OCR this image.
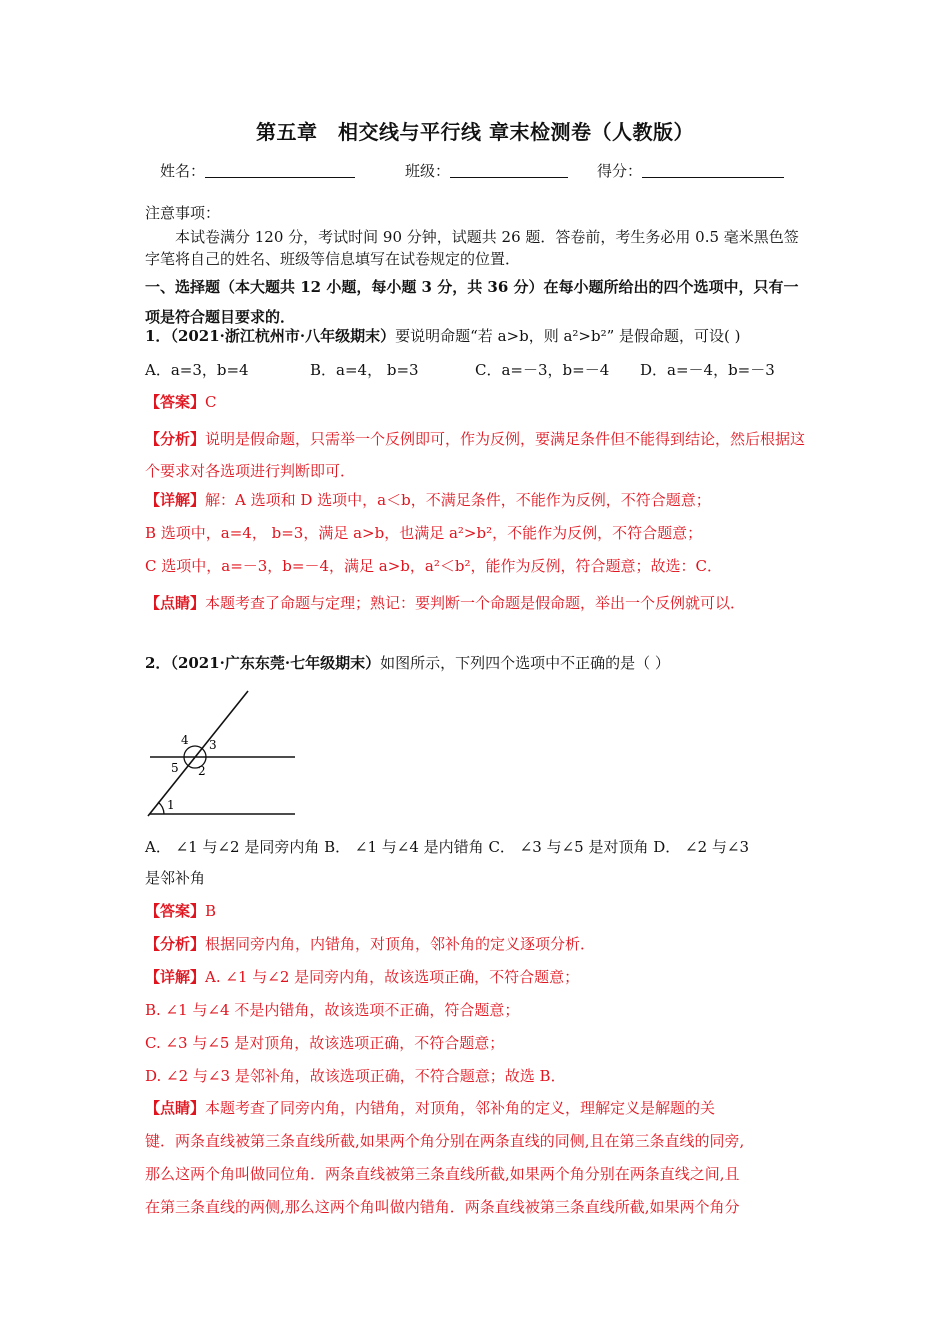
第五章　相交线与平行线 章末检测卷（人教版）
姓名：	班级：	得分：
注意事项：
本试卷满分 120 分，考试时间 90 分钟，试题共 26 题．答卷前，考生务必用 0.5 毫米黑色签字笔将自己的姓名、班级等信息填写在试卷规定的位置．
一、选择题（本大题共 12 小题，每小题 3 分，共 36 分）在每小题所给出的四个选项中，只有一项是符合题目要求的．
1．（2021·浙江杭州市·八年级期末）要说明命题“若 a>b，则 a²>b²” 是假命题，可设( )
A．a=3，b=4	B．a=4， b=3	C．a=－3，b=－4 D．a=－4，b=－3
【答案】C
【分析】说明是假命题，只需举一个反例即可，作为反例，要满足条件但不能得到结论，然后根据这个要求对各选项进行判断即可．
【详解】解：A 选项和 D 选项中，a＜b，不满足条件，不能作为反例，不符合题意；
B 选项中，a=4， b=3，满足 a>b，也满足 a²>b²，不能作为反例，不符合题意；
C 选项中，a=－3，b=－4，满足 a>b，a²＜b²，能作为反例，符合题意；故选：C．
【点睛】本题考查了命题与定理；熟记：要判断一个命题是假命题，举出一个反例就可以．
2．（2021·广东东莞·七年级期末）如图所示，下列四个选项中不正确的是（ ）
4 3
5 2
1
A． ∠1 与∠2 是同旁内角 B． ∠1 与∠4 是内错角 C． ∠3 与∠5 是对顶角 D． ∠2 与∠3
是邻补角
【答案】B
【分析】根据同旁内角，内错角，对顶角，邻补角的定义逐项分析．
【详解】A. ∠1 与∠2 是同旁内角，故该选项正确，不符合题意；
B. ∠1 与∠4 不是内错角，故该选项不正确，符合题意；
C. ∠3 与∠5 是对顶角，故该选项正确，不符合题意；
D. ∠2 与∠3 是邻补角，故该选项正确，不符合题意；故选 B．
【点睛】本题考查了同旁内角，内错角，对顶角，邻补角的定义，理解定义是解题的关
键．两条直线被第三条直线所截,如果两个角分别在两条直线的同侧,且在第三条直线的同旁,
那么这两个角叫做同位角．两条直线被第三条直线所截,如果两个角分别在两条直线之间,且
在第三条直线的两侧,那么这两个角叫做内错角．两条直线被第三条直线所截,如果两个角分
